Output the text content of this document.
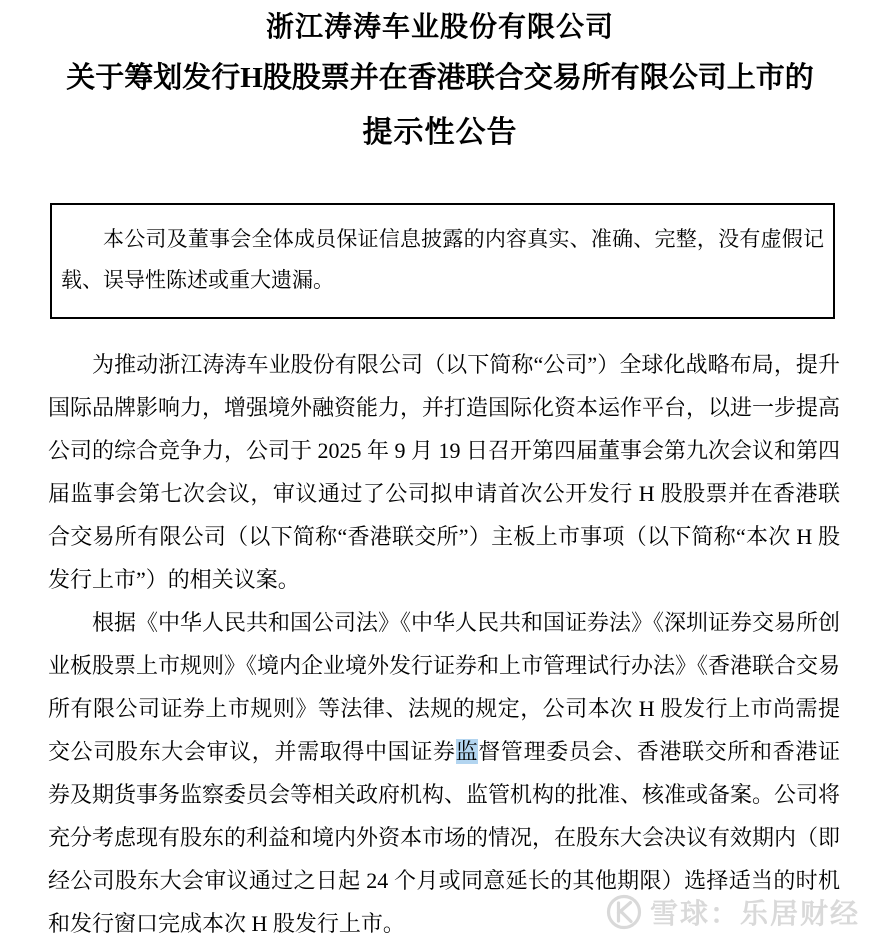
浙江涛涛车业股份有限公司
关于筹划发行H股股票并在香港联合交易所有限公司上市的
提示性公告

本公司及董事会全体成员保证信息披露的内容真实、准确、完整，没有虚假记载、误导性陈述或重大遗漏。

为推动浙江涛涛车业股份有限公司（以下简称“公司”）全球化战略布局，提升国际品牌影响力，增强境外融资能力，并打造国际化资本运作平台，以进一步提高公司的综合竞争力，公司于 2025 年 9 月 19 日召开第四届董事会第九次会议和第四届监事会第七次会议，审议通过了公司拟申请首次公开发行 H 股股票并在香港联合交易所有限公司（以下简称“香港联交所”）主板上市事项（以下简称“本次 H 股发行上市”）的相关议案。

根据《中华人民共和国公司法》《中华人民共和国证券法》《深圳证券交易所创业板股票上市规则》《境内企业境外发行证券和上市管理试行办法》《香港联合交易所有限公司证券上市规则》等法律、法规的规定，公司本次 H 股发行上市尚需提交公司股东大会审议，并需取得中国证券监督管理委员会、香港联交所和香港证券及期货事务监察委员会等相关政府机构、监管机构的批准、核准或备案。公司将充分考虑现有股东的利益和境内外资本市场的情况，在股东大会决议有效期内（即经公司股东大会审议通过之日起 24 个月或同意延长的其他期限）选择适当的时机和发行窗口完成本次 H 股发行上市。	雪球：乐居财经
